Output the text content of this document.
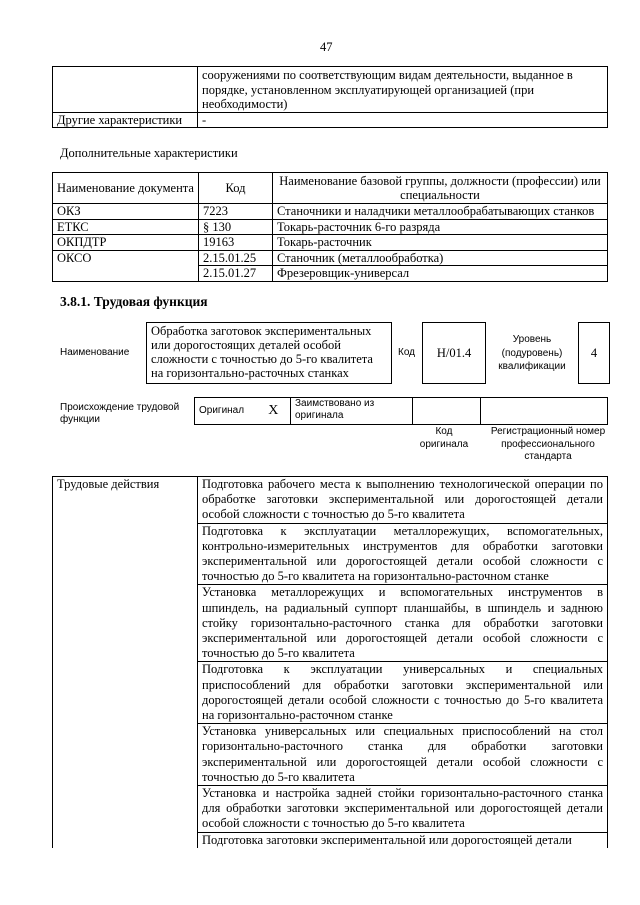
47
	сооружениями по соответствующим видам деятельности, выданное в порядке, установленном эксплуатирующей организацией (при необходимости)
Другие характеристики	-
Дополнительные характеристики
Наименование документа	Код	Наименование базовой группы, должности (профессии) или специальности
ОКЗ	7223	Станочники и наладчики металлообрабатывающих станков
ЕТКС	§ 130	Токарь-расточник 6-го разряда
ОКПДТР	19163	Токарь-расточник
ОКСО	2.15.01.25	Станочник (металлообработка)
	2.15.01.27	Фрезеровщик-универсал
3.8.1. Трудовая функция
Наименование
Обработка заготовок экспериментальных или дорогостоящих деталей особой сложности с точностью до 5-го квалитета на горизонтально-расточных станках
Код	H/01.4
Уровень (подуровень) квалификации
4
Происхождение трудовой функции
Оригинал	X	Заимствовано из оригинала		
Код оригинала
Регистрационный номер профессионального стандарта
Трудовые действия	Подготовка рабочего места к выполнению технологической операции по обработке заготовки экспериментальной или дорогостоящей детали особой сложности с точностью до 5-го квалитета
Подготовка к эксплуатации металлорежущих, вспомогательных, контрольно-измерительных инструментов для обработки заготовки экспериментальной или дорогостоящей детали особой сложности с точностью до 5-го квалитета на горизонтально-расточном станке
Установка металлорежущих и вспомогательных инструментов в шпиндель, на радиальный суппорт планшайбы, в шпиндель и заднюю стойку горизонтально-расточного станка для обработки заготовки экспериментальной или дорогостоящей детали особой сложности с точностью до 5-го квалитета
Подготовка к эксплуатации универсальных и специальных приспособлений для обработки заготовки экспериментальной или дорогостоящей детали особой сложности с точностью до 5-го квалитета на горизонтально-расточном станке
Установка универсальных или специальных приспособлений на стол горизонтально-расточного станка для обработки заготовки экспериментальной или дорогостоящей детали особой сложности с точностью до 5-го квалитета
Установка и настройка задней стойки горизонтально-расточного станка для обработки заготовки экспериментальной или дорогостоящей детали особой сложности с точностью до 5-го квалитета
Подготовка заготовки экспериментальной или дорогостоящей детали
